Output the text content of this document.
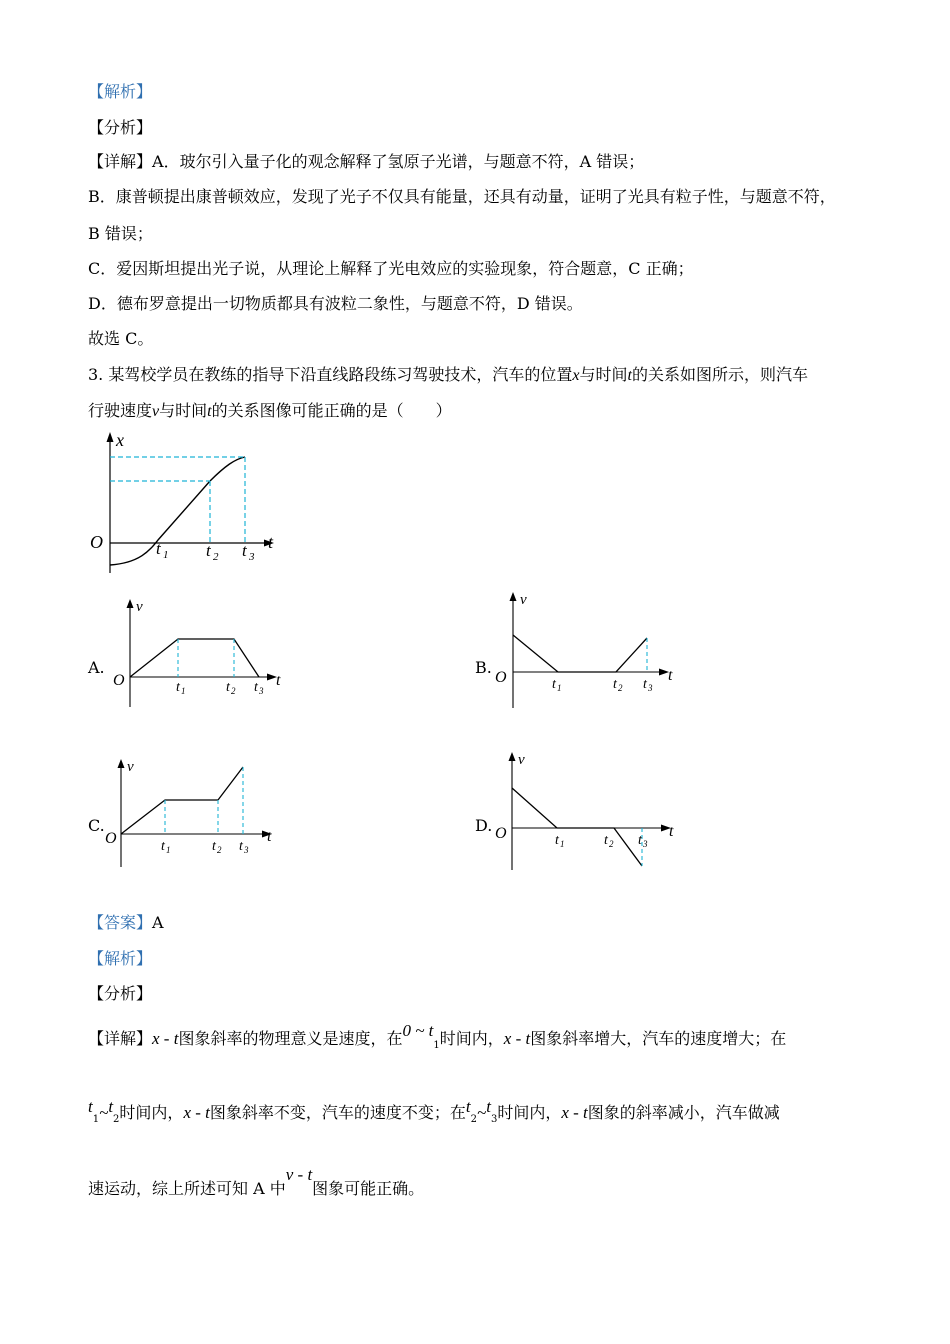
【解析】
【分析】
【详解】A．玻尔引入量子化的观念解释了氢原子光谱，与题意不符，A 错误；
B．康普顿提出康普顿效应，发现了光子不仅具有能量，还具有动量，证明了光具有粒子性，与题意不符，
B 错误；
C．爱因斯坦提出光子说，从理论上解释了光电效应的实验现象，符合题意，C 正确；
D．德布罗意提出一切物质都具有波粒二象性，与题意不符，D 错误。
故选 C。
3. 某驾校学员在教练的指导下沿直线路段练习驾驶技术，汽车的位置x与时间t的关系如图所示，则汽车
行驶速度v与时间t的关系图像可能正确的是（　　）
x
O	t
t 1 t 2 t 3
A.
v
O	t
t 1	t 2 t 3
B.
v
O	t
t 1	t 2 t 3
C.
v
O	t
t 1	t 2 t 3
D.
v
O	t
t 1	t 2 t 3
【答案】A
【解析】
【分析】
【详解】x - t图象斜率的物理意义是速度，在0 ~ $t_1$时间内，x - t图象斜率增大，汽车的速度增大；在
$t_1\sim t_2$时间内，x - t图象斜率不变，汽车的速度不变；在$t_2\sim t_3$时间内，x - t图象的斜率减小，汽车做减
速运动，综上所述可知 A 中v - t图象可能正确。
